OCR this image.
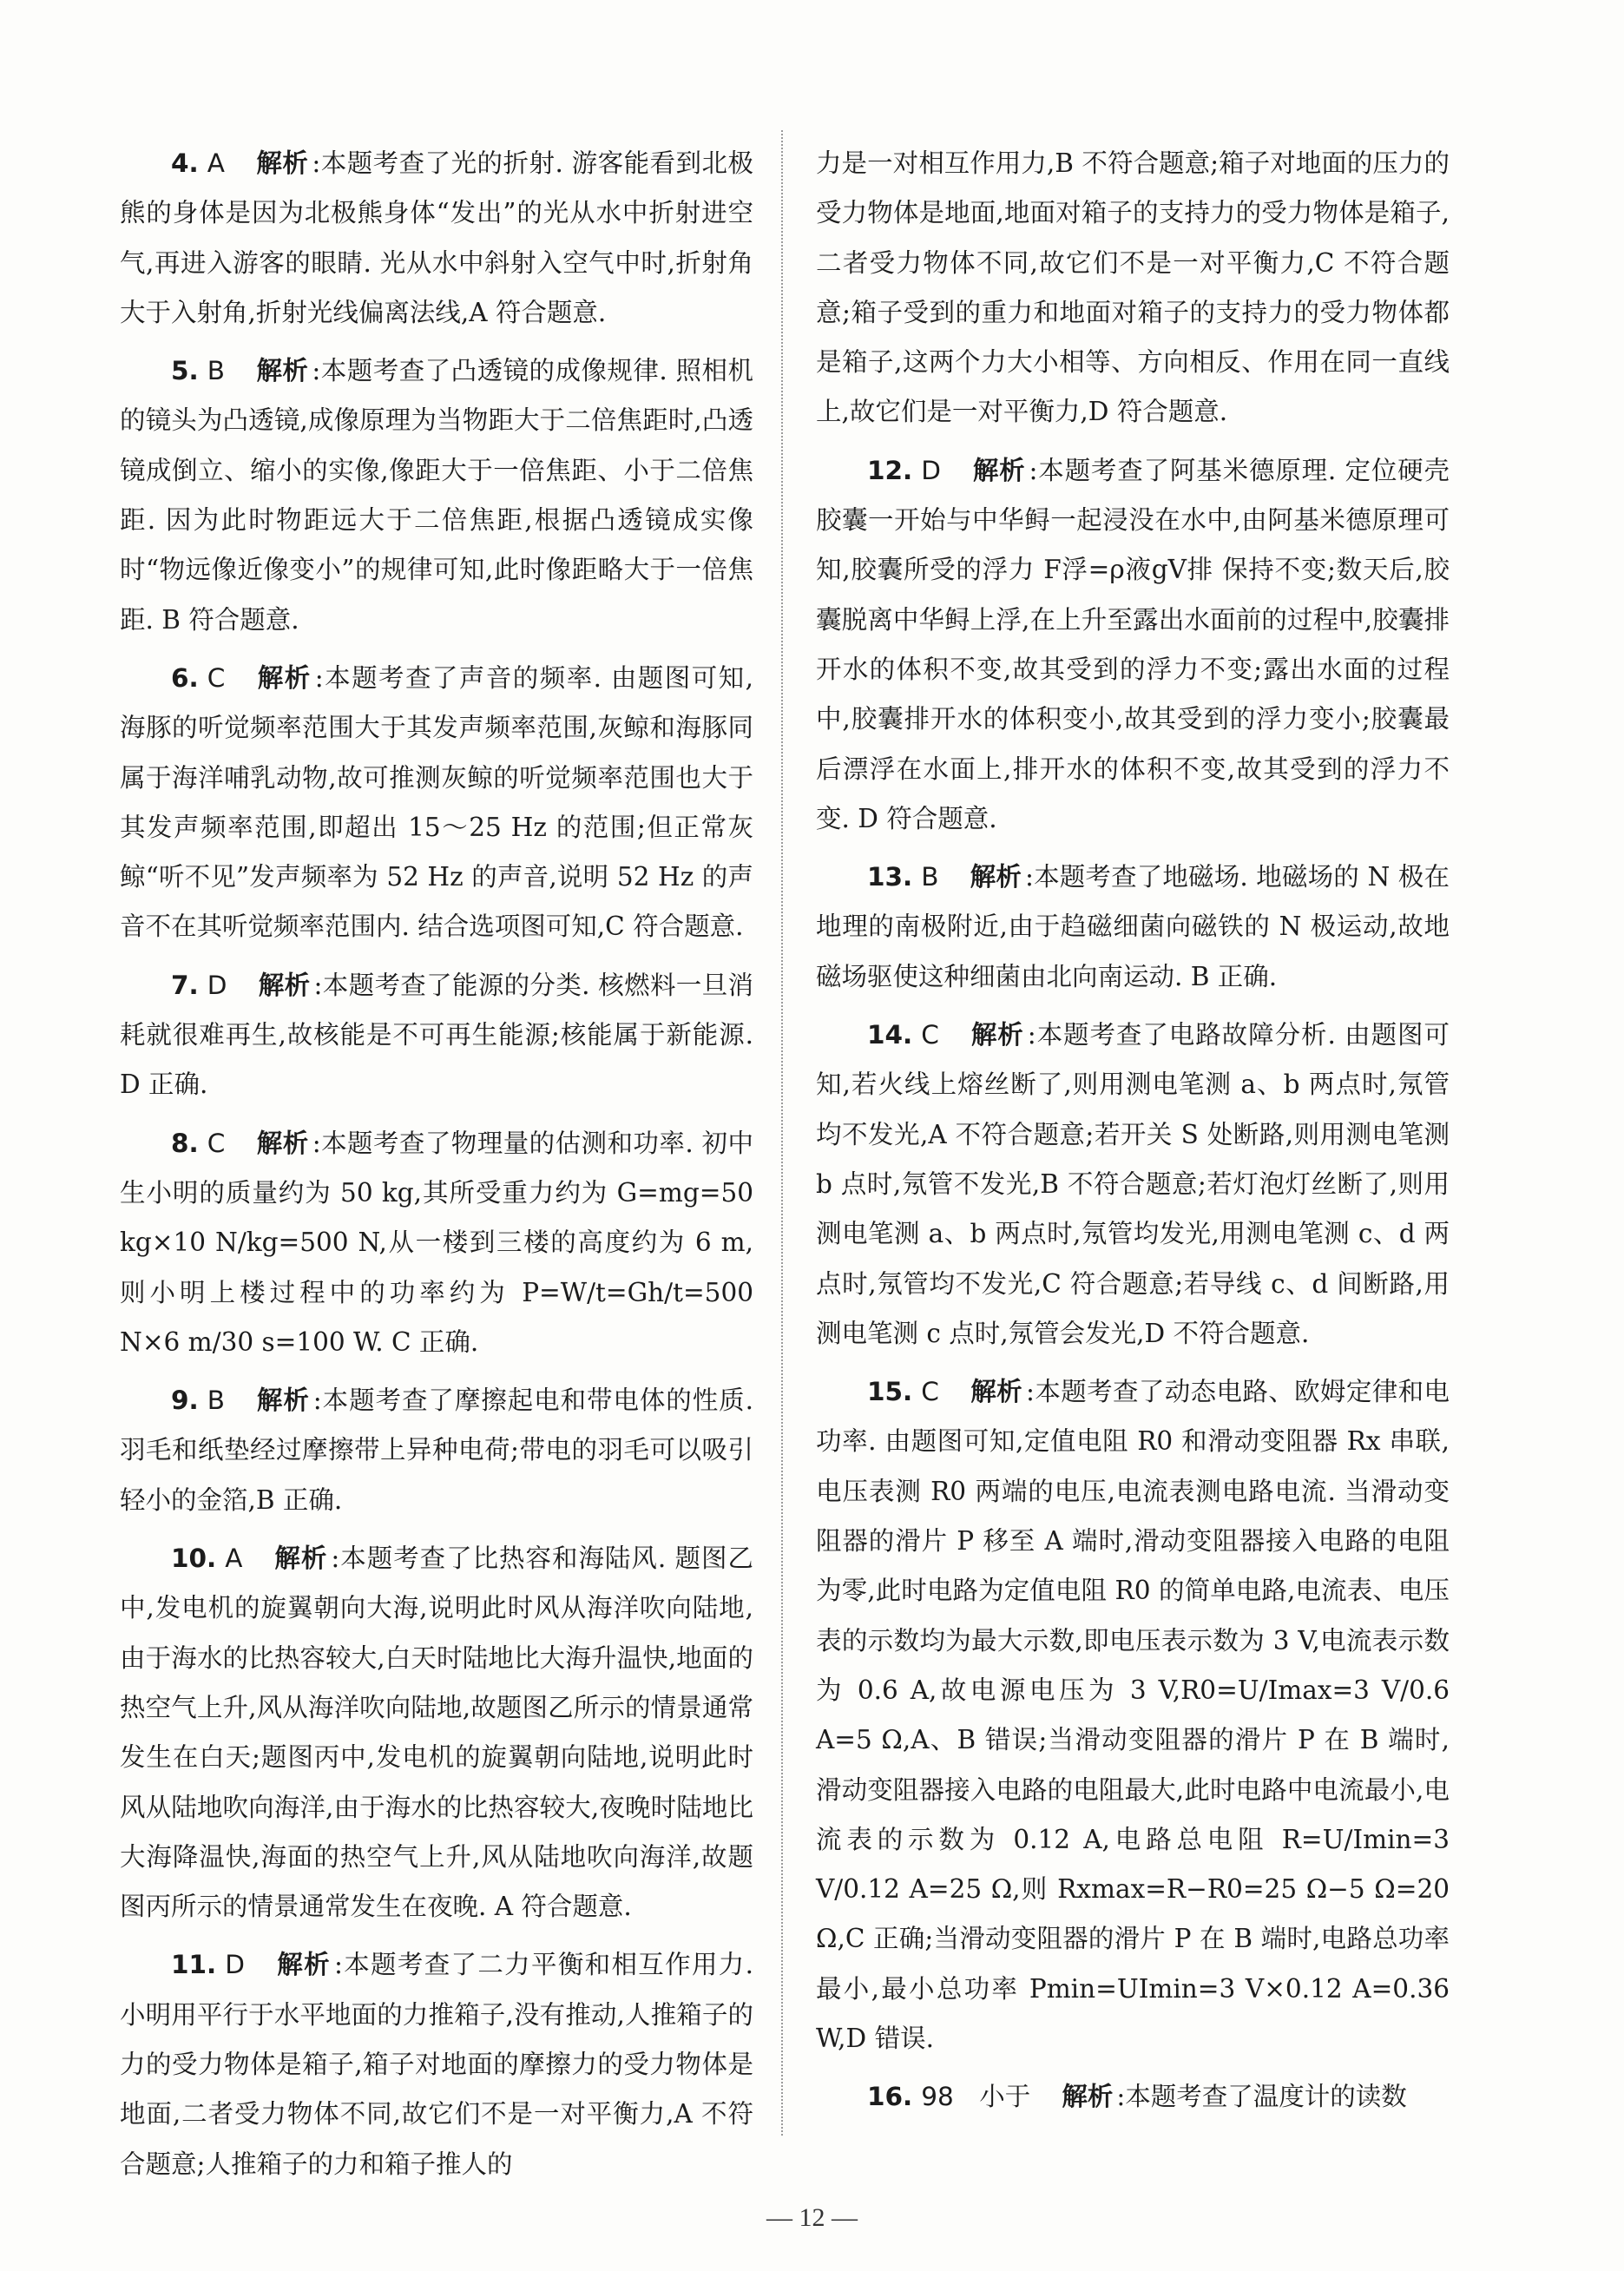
4. A 解析 :本题考查了光的折射. 游客能看到北极熊的身体是因为北极熊身体“发出”的光从水中折射进空气,再进入游客的眼睛. 光从水中斜射入空气中时,折射角大于入射角,折射光线偏离法线,A 符合题意.

5. B 解析 :本题考查了凸透镜的成像规律. 照相机的镜头为凸透镜,成像原理为当物距大于二倍焦距时,凸透镜成倒立、缩小的实像,像距大于一倍焦距、小于二倍焦距. 因为此时物距远大于二倍焦距,根据凸透镜成实像时“物远像近像变小”的规律可知,此时像距略大于一倍焦距. B 符合题意.

6. C 解析 :本题考查了声音的频率. 由题图可知,海豚的听觉频率范围大于其发声频率范围,灰鲸和海豚同属于海洋哺乳动物,故可推测灰鲸的听觉频率范围也大于其发声频率范围,即超出 15～25 Hz 的范围;但正常灰鲸“听不见”发声频率为 52 Hz 的声音,说明 52 Hz 的声音不在其听觉频率范围内. 结合选项图可知,C 符合题意.

7. D 解析 :本题考查了能源的分类. 核燃料一旦消耗就很难再生,故核能是不可再生能源;核能属于新能源. D 正确.

8. C 解析 :本题考查了物理量的估测和功率. 初中生小明的质量约为 50 kg,其所受重力约为 G=mg=50 kg×10 N/kg=500 N,从一楼到三楼的高度约为 6 m,则小明上楼过程中的功率约为 P=W/t=Gh/t=500 N×6 m/30 s=100 W. C 正确.

9. B 解析 :本题考查了摩擦起电和带电体的性质. 羽毛和纸垫经过摩擦带上异种电荷;带电的羽毛可以吸引轻小的金箔,B 正确.

10. A 解析 :本题考查了比热容和海陆风. 题图乙中,发电机的旋翼朝向大海,说明此时风从海洋吹向陆地,由于海水的比热容较大,白天时陆地比大海升温快,地面的热空气上升,风从海洋吹向陆地,故题图乙所示的情景通常发生在白天;题图丙中,发电机的旋翼朝向陆地,说明此时风从陆地吹向海洋,由于海水的比热容较大,夜晚时陆地比大海降温快,海面的热空气上升,风从陆地吹向海洋,故题图丙所示的情景通常发生在夜晚. A 符合题意.

11. D 解析 :本题考查了二力平衡和相互作用力. 小明用平行于水平地面的力推箱子,没有推动,人推箱子的力的受力物体是箱子,箱子对地面的摩擦力的受力物体是地面,二者受力物体不同,故它们不是一对平衡力,A 不符合题意;人推箱子的力和箱子推人的

力是一对相互作用力,B 不符合题意;箱子对地面的压力的受力物体是地面,地面对箱子的支持力的受力物体是箱子,二者受力物体不同,故它们不是一对平衡力,C 不符合题意;箱子受到的重力和地面对箱子的支持力的受力物体都是箱子,这两个力大小相等、方向相反、作用在同一直线上,故它们是一对平衡力,D 符合题意.

12. D 解析 :本题考查了阿基米德原理. 定位硬壳胶囊一开始与中华鲟一起浸没在水中,由阿基米德原理可知,胶囊所受的浮力 F浮=ρ液gV排 保持不变;数天后,胶囊脱离中华鲟上浮,在上升至露出水面前的过程中,胶囊排开水的体积不变,故其受到的浮力不变;露出水面的过程中,胶囊排开水的体积变小,故其受到的浮力变小;胶囊最后漂浮在水面上,排开水的体积不变,故其受到的浮力不变. D 符合题意.

13. B 解析 :本题考查了地磁场. 地磁场的 N 极在地理的南极附近,由于趋磁细菌向磁铁的 N 极运动,故地磁场驱使这种细菌由北向南运动. B 正确.

14. C 解析 :本题考查了电路故障分析. 由题图可知,若火线上熔丝断了,则用测电笔测 a、b 两点时,氖管均不发光,A 不符合题意;若开关 S 处断路,则用测电笔测 b 点时,氖管不发光,B 不符合题意;若灯泡灯丝断了,则用测电笔测 a、b 两点时,氖管均发光,用测电笔测 c、d 两点时,氖管均不发光,C 符合题意;若导线 c、d 间断路,用测电笔测 c 点时,氖管会发光,D 不符合题意.

15. C 解析 :本题考查了动态电路、欧姆定律和电功率. 由题图可知,定值电阻 R0 和滑动变阻器 Rx 串联,电压表测 R0 两端的电压,电流表测电路电流. 当滑动变阻器的滑片 P 移至 A 端时,滑动变阻器接入电路的电阻为零,此时电路为定值电阻 R0 的简单电路,电流表、电压表的示数均为最大示数,即电压表示数为 3 V,电流表示数为 0.6 A,故电源电压为 3 V,R0=U/Imax=3 V/0.6 A=5 Ω,A、B 错误;当滑动变阻器的滑片 P 在 B 端时,滑动变阻器接入电路的电阻最大,此时电路中电流最小,电流表的示数为 0.12 A,电路总电阻 R=U/Imin=3 V/0.12 A=25 Ω,则 Rxmax=R−R0=25 Ω−5 Ω=20 Ω,C 正确;当滑动变阻器的滑片 P 在 B 端时,电路总功率最小,最小总功率 Pmin=UImin=3 V×0.12 A=0.36 W,D 错误.

16. 98　小于 解析 :本题考查了温度计的读数

— 12 —
